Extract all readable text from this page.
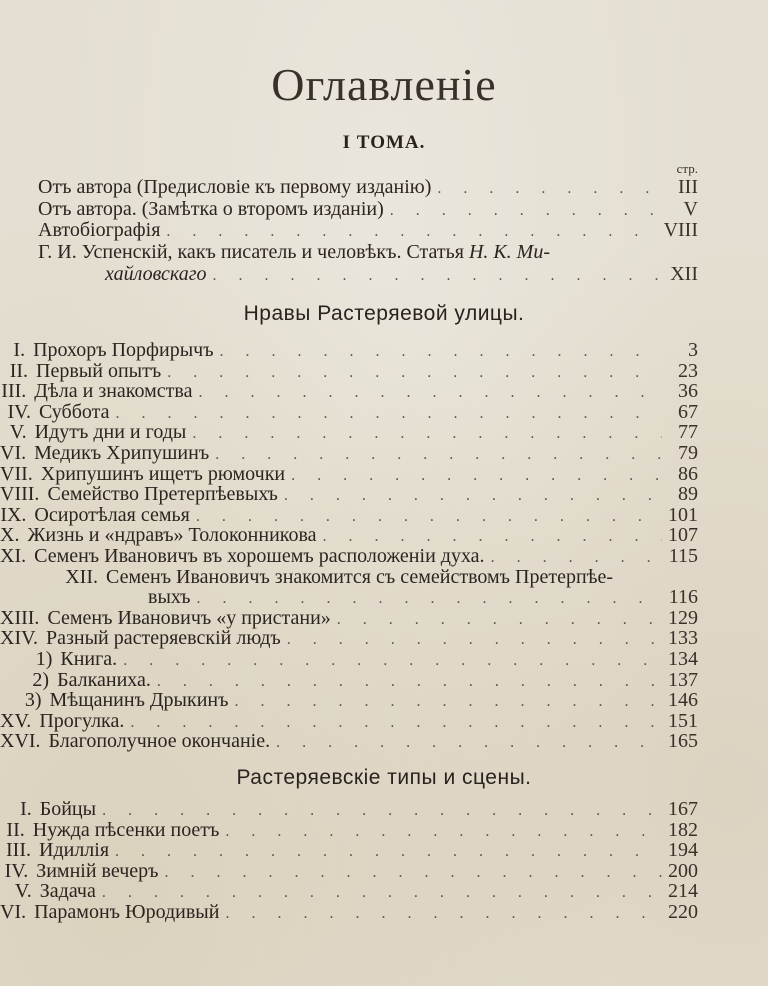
Оглавленіе
I ТОМА.
стр.
Отъ автора (Предисловіе къ первому изданію) . . .	III
Отъ автора. (Замѣтка о второмъ изданіи) . . .	V
Автобіографія . . .	VIII
Г. И. Успенскій, какъ писатель и человѣкъ. Статья
Н. К. Ми-
хайловскаго . . .	XII
Нравы Растеряевой улицы.
I. Прохоръ Порфирычъ . . .	3
II. Первый опытъ . . .	23
III. Дѣла и знакомства . . .	36
IV. Суббота . . .	67
V. Идутъ дни и годы . . .	77
VI. Медикъ Хрипушинъ . . .	79
VII. Хрипушинъ ищетъ рюмочки . . .	86
VIII. Семейство Претерпѣевыхъ . . .	89
IX. Осиротѣлая семья . . .	101
X. Жизнь и «ндравъ» Толоконникова . . .	107
XI. Семенъ Ивановичъ въ хорошемъ расположеніи духа. . . .	115
XII. Семенъ Ивановичъ знакомится съ семействомъ Претерпѣе-
выхъ . . .	116
XIII. Семенъ Ивановичъ «у пристани» . . .	129
XIV. Разный растеряевскій людъ . . .	133
1) Книга. . . .	134
2) Балканиха. . . .	137
3) Мѣщанинъ Дрыкинъ . . .	146
XV. Прогулка. . . .	151
XVI. Благополучное окончаніе. . . .	165
Растеряевскіе типы и сцены.
I. Бойцы . . .	167
II. Нужда пѣсенки поетъ . . .	182
III. Идиллія . . .	194
IV. Зимній вечеръ . . .	200
V. Задача . . .	214
VI. Парамонъ Юродивый . . .	220
